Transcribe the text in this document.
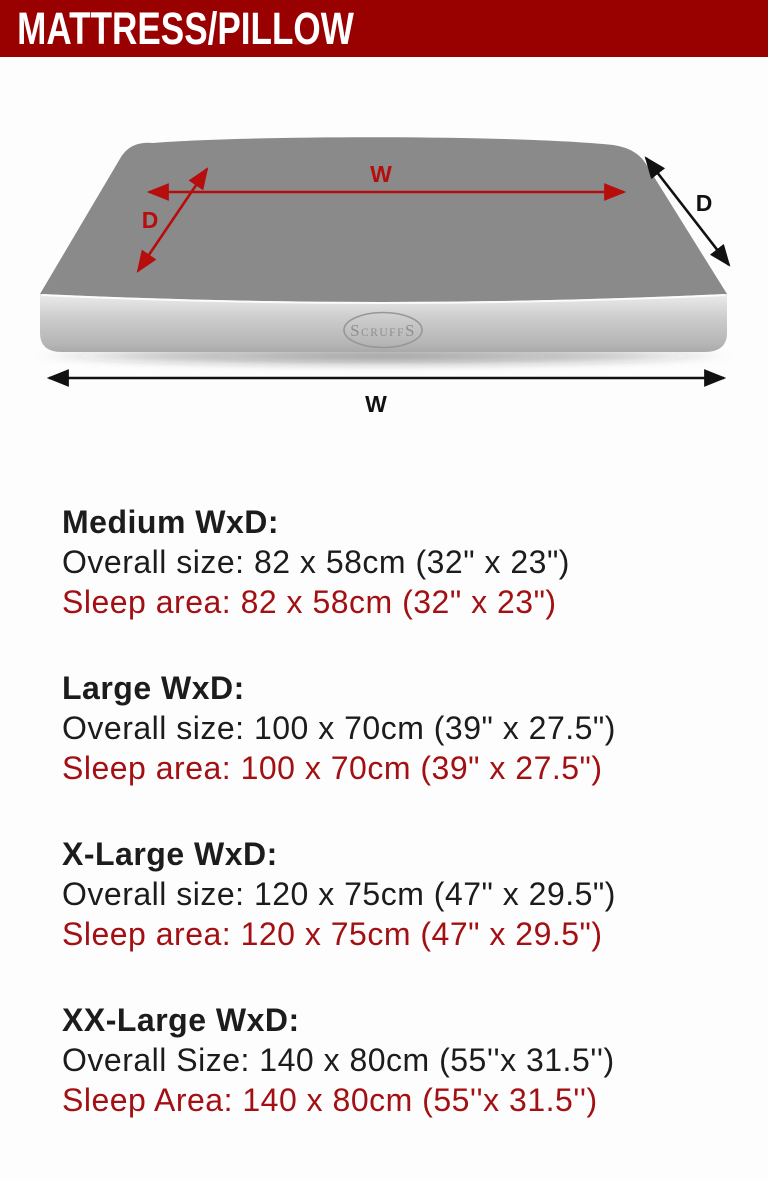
MATTRESS/PILLOW
SCRUFFS
W
D
D
W
Medium WxD:
Overall size: 82 x 58cm (32" x 23")
Sleep area: 82 x 58cm (32" x 23")
Large WxD:
Overall size: 100 x 70cm (39" x 27.5")
Sleep area: 100 x 70cm (39" x 27.5")
X-Large WxD:
Overall size: 120 x 75cm (47" x 29.5")
Sleep area: 120 x 75cm (47" x 29.5")
XX-Large WxD:
Overall Size: 140 x 80cm (55''x 31.5'')
Sleep Area: 140 x 80cm (55''x 31.5'')
